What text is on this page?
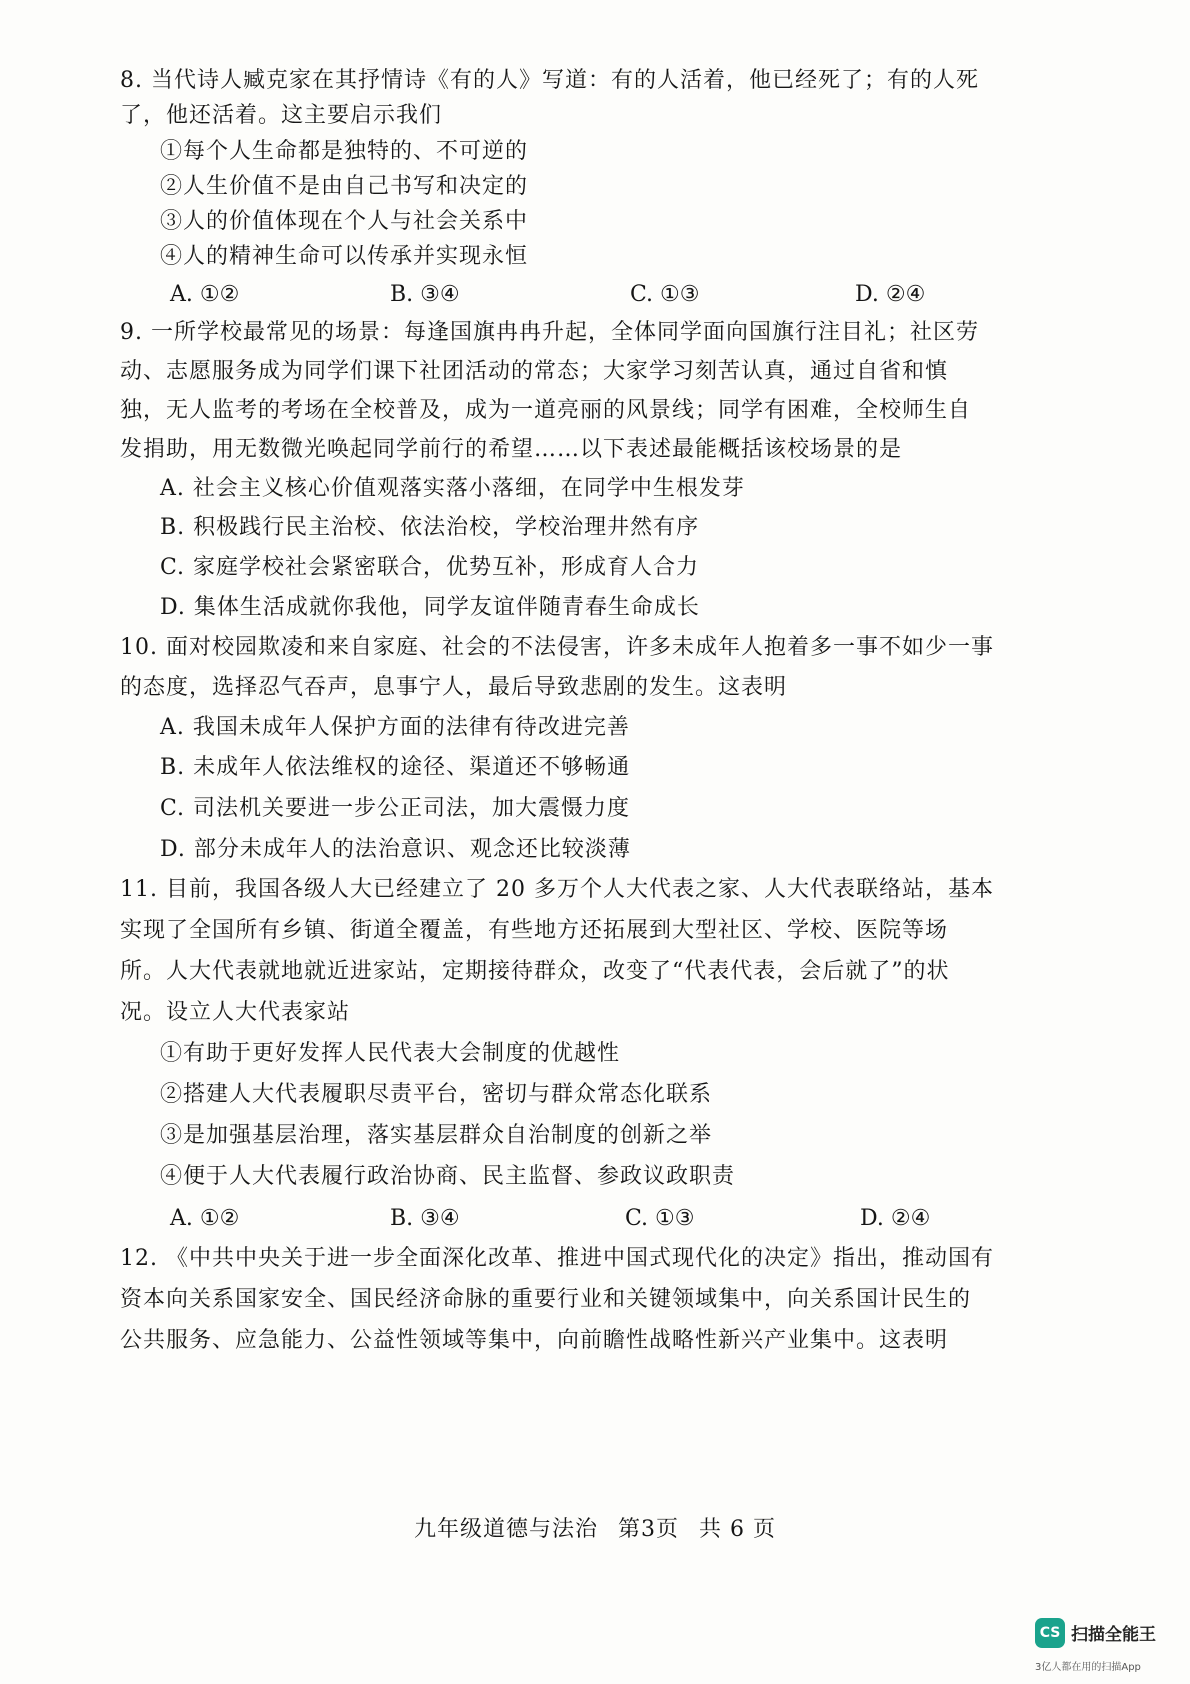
8. 当代诗人臧克家在其抒情诗《有的人》写道：有的人活着，他已经死了；有的人死
了，他还活着。这主要启示我们
①每个人生命都是独特的、不可逆的
②人生价值不是由自己书写和决定的
③人的价值体现在个人与社会关系中
④人的精神生命可以传承并实现永恒
A. ①②	B. ③④	C. ①③	D. ②④
9. 一所学校最常见的场景：每逢国旗冉冉升起，全体同学面向国旗行注目礼；社区劳
动、志愿服务成为同学们课下社团活动的常态；大家学习刻苦认真，通过自省和慎
独，无人监考的考场在全校普及，成为一道亮丽的风景线；同学有困难，全校师生自
发捐助，用无数微光唤起同学前行的希望……以下表述最能概括该校场景的是
A. 社会主义核心价值观落实落小落细，在同学中生根发芽
B. 积极践行民主治校、依法治校，学校治理井然有序
C. 家庭学校社会紧密联合，优势互补，形成育人合力
D. 集体生活成就你我他，同学友谊伴随青春生命成长
10. 面对校园欺凌和来自家庭、社会的不法侵害，许多未成年人抱着多一事不如少一事
的态度，选择忍气吞声，息事宁人，最后导致悲剧的发生。这表明
A. 我国未成年人保护方面的法律有待改进完善
B. 未成年人依法维权的途径、渠道还不够畅通
C. 司法机关要进一步公正司法，加大震慑力度
D. 部分未成年人的法治意识、观念还比较淡薄
11. 目前，我国各级人大已经建立了 20 多万个人大代表之家、人大代表联络站，基本
实现了全国所有乡镇、街道全覆盖，有些地方还拓展到大型社区、学校、医院等场
所。人大代表就地就近进家站，定期接待群众，改变了“代表代表，会后就了”的状
况。设立人大代表家站
①有助于更好发挥人民代表大会制度的优越性
②搭建人大代表履职尽责平台，密切与群众常态化联系
③是加强基层治理，落实基层群众自治制度的创新之举
④便于人大代表履行政治协商、民主监督、参政议政职责
A. ①②	B. ③④	C. ①③	D. ②④
12. 《中共中央关于进一步全面深化改革、推进中国式现代化的决定》指出，推动国有
资本向关系国家安全、国民经济命脉的重要行业和关键领域集中，向关系国计民生的
公共服务、应急能力、公益性领域等集中，向前瞻性战略性新兴产业集中。这表明
九年级道德与法治 第3页 共 6 页
CS 扫描全能王
3亿人都在用的扫描App
